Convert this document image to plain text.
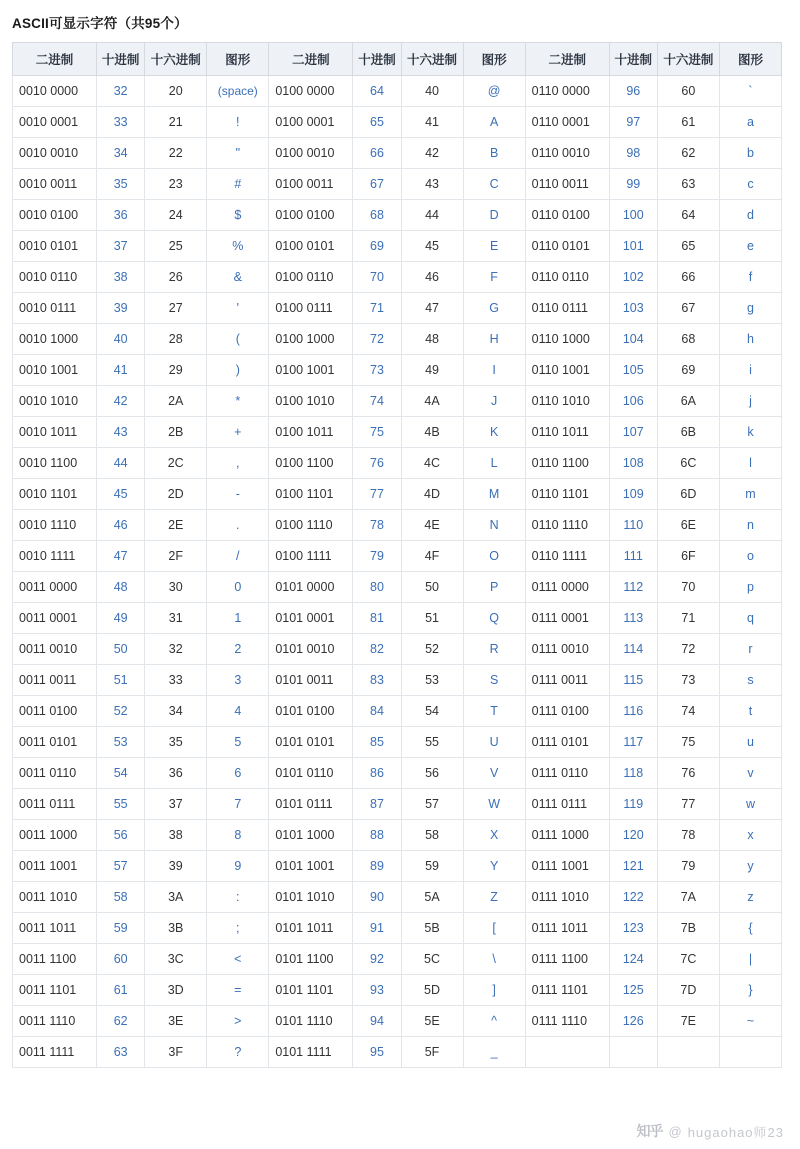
ASCII可显示字符（共95个）
二进制	十进制	十六进制	图形	二进制	十进制	十六进制	图形	二进制	十进制	十六进制	图形
0010 0000	32	20	(space)	0100 0000	64	40	@	0110 0000	96	60	`
0010 0001	33	21	!	0100 0001	65	41	A	0110 0001	97	61	a
0010 0010	34	22	"	0100 0010	66	42	B	0110 0010	98	62	b
0010 0011	35	23	#	0100 0011	67	43	C	0110 0011	99	63	c
0010 0100	36	24	$	0100 0100	68	44	D	0110 0100	100	64	d
0010 0101	37	25	%	0100 0101	69	45	E	0110 0101	101	65	e
0010 0110	38	26	&	0100 0110	70	46	F	0110 0110	102	66	f
0010 0111	39	27	'	0100 0111	71	47	G	0110 0111	103	67	g
0010 1000	40	28	(	0100 1000	72	48	H	0110 1000	104	68	h
0010 1001	41	29	)	0100 1001	73	49	I	0110 1001	105	69	i
0010 1010	42	2A	*	0100 1010	74	4A	J	0110 1010	106	6A	j
0010 1011	43	2B	+	0100 1011	75	4B	K	0110 1011	107	6B	k
0010 1100	44	2C	,	0100 1100	76	4C	L	0110 1100	108	6C	l
0010 1101	45	2D	-	0100 1101	77	4D	M	0110 1101	109	6D	m
0010 1110	46	2E	.	0100 1110	78	4E	N	0110 1110	110	6E	n
0010 1111	47	2F	/	0100 1111	79	4F	O	0110 1111	111	6F	o
0011 0000	48	30	0	0101 0000	80	50	P	0111 0000	112	70	p
0011 0001	49	31	1	0101 0001	81	51	Q	0111 0001	113	71	q
0011 0010	50	32	2	0101 0010	82	52	R	0111 0010	114	72	r
0011 0011	51	33	3	0101 0011	83	53	S	0111 0011	115	73	s
0011 0100	52	34	4	0101 0100	84	54	T	0111 0100	116	74	t
0011 0101	53	35	5	0101 0101	85	55	U	0111 0101	117	75	u
0011 0110	54	36	6	0101 0110	86	56	V	0111 0110	118	76	v
0011 0111	55	37	7	0101 0111	87	57	W	0111 0111	119	77	w
0011 1000	56	38	8	0101 1000	88	58	X	0111 1000	120	78	x
0011 1001	57	39	9	0101 1001	89	59	Y	0111 1001	121	79	y
0011 1010	58	3A	:	0101 1010	90	5A	Z	0111 1010	122	7A	z
0011 1011	59	3B	;	0101 1011	91	5B	[	0111 1011	123	7B	{
0011 1100	60	3C	<	0101 1100	92	5C	\	0111 1100	124	7C	|
0011 1101	61	3D	=	0101 1101	93	5D	]	0111 1101	125	7D	}
0011 1110	62	3E	>	0101 1110	94	5E	^	0111 1110	126	7E	~
0011 1111	63	3F	?	0101 1111	95	5F	_				
知乎 @ hugaohao师23
